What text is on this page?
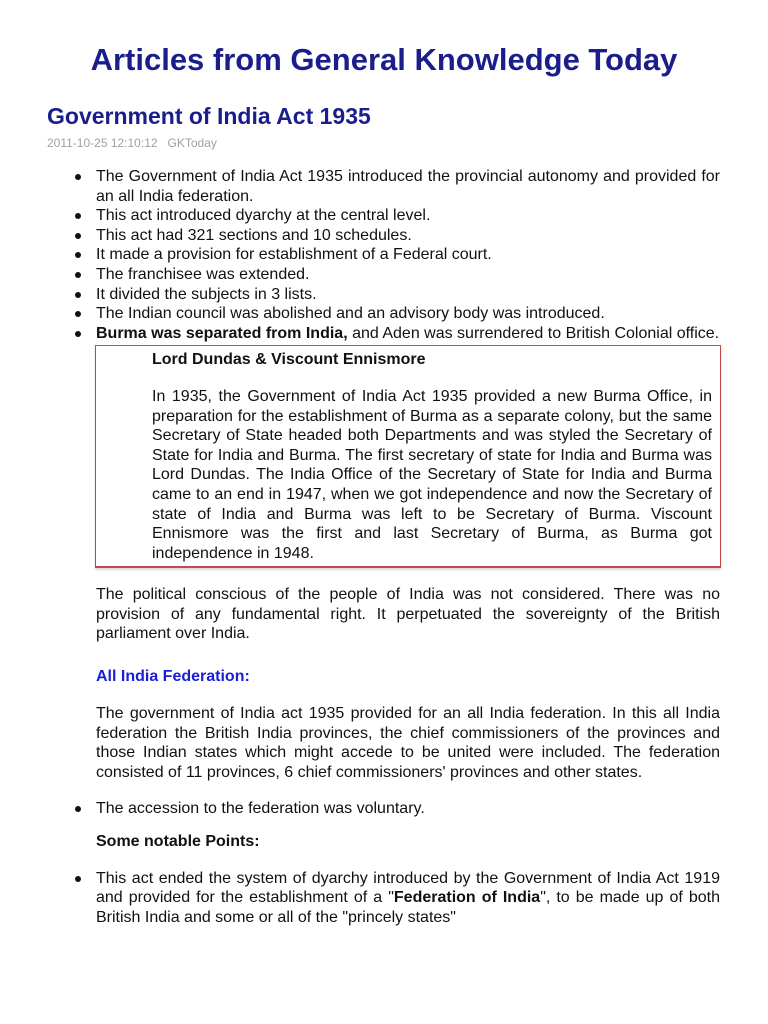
Articles from General Knowledge Today
Government of India Act 1935
2011-10-25 12:10:12 GKToday
The Government of India Act 1935 introduced the provincial autonomy and provided for an all India federation.
This act introduced dyarchy at the central level.
This act had 321 sections and 10 schedules.
It made a provision for establishment of a Federal court.
The franchisee was extended.
It divided the subjects in 3 lists.
The Indian council was abolished and an advisory body was introduced.
Burma was separated from India, and Aden was surrendered to British Colonial office.
Lord Dundas & Viscount Ennismore

In 1935, the Government of India Act 1935 provided a new Burma Office, in preparation for the establishment of Burma as a separate colony, but the same Secretary of State headed both Departments and was styled the Secretary of State for India and Burma. The first secretary of state for India and Burma was Lord Dundas. The India Office of the Secretary of State for India and Burma came to an end in 1947, when we got independence and now the Secretary of state of India and Burma was left to be Secretary of Burma. Viscount Ennismore was the first and last Secretary of Burma, as Burma got independence in 1948.

The political conscious of the people of India was not considered. There was no provision of any fundamental right. It perpetuated the sovereignty of the British parliament over India.

All India Federation:

The government of India act 1935 provided for an all India federation. In this all India federation the British India provinces, the chief commissioners of the provinces and those Indian states which might accede to be united were included. The federation consisted of 11 provinces, 6 chief commissioners' provinces and other states.

The accession to the federation was voluntary.

Some notable Points:

This act ended the system of dyarchy introduced by the Government of India Act 1919 and provided for the establishment of a "Federation of India", to be made up of both British India and some or all of the "princely states"
